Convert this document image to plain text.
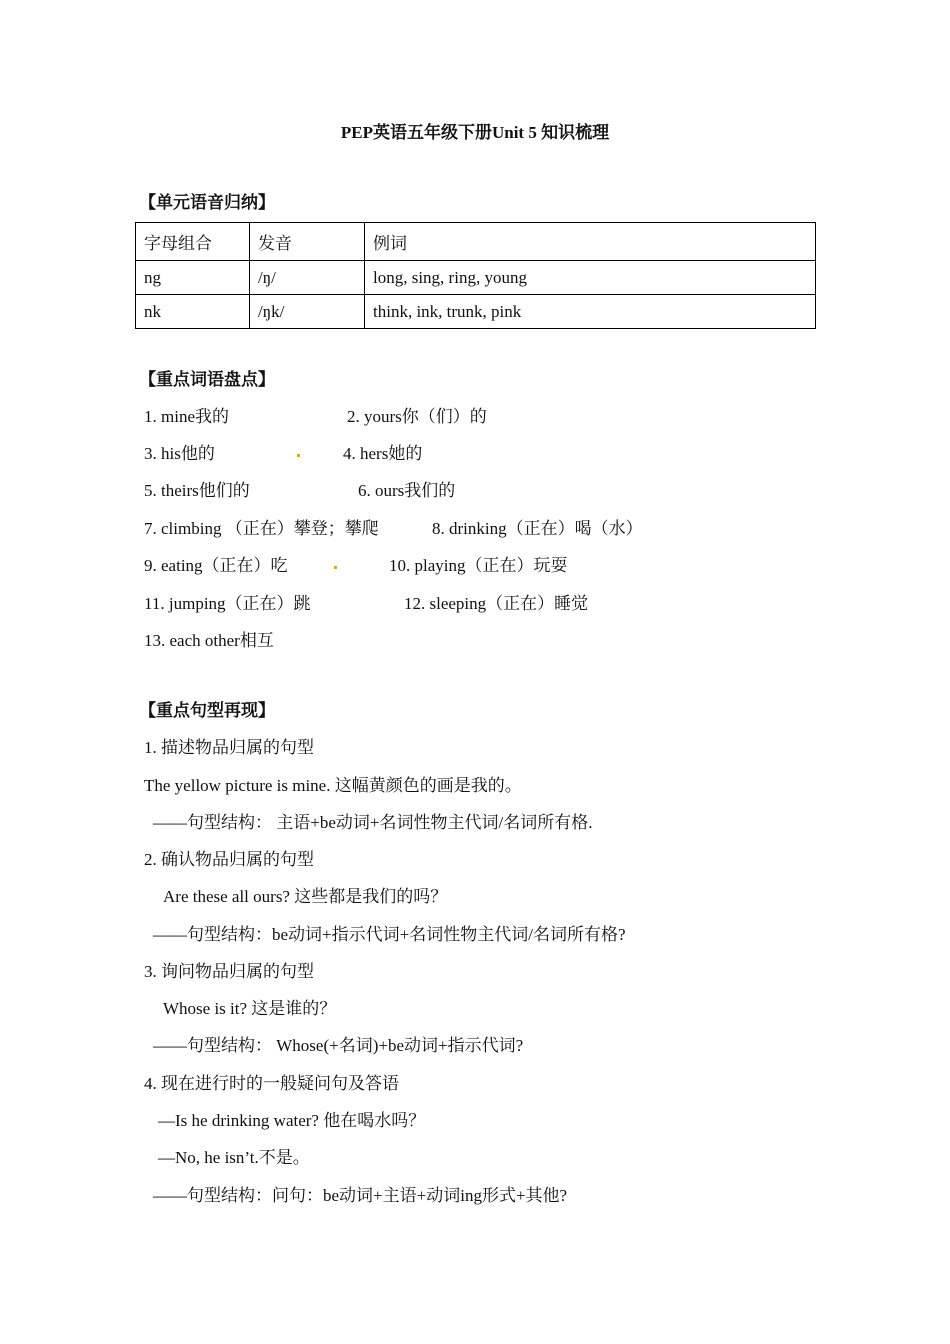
PEP英语五年级下册Unit 5 知识梳理
【单元语音归纳】
字母组合	发音	例词
ng	/ŋ/	long, sing, ring, young
nk	/ŋk/	think, ink, trunk, pink
【重点词语盘点】
1. mine我的	2. yours你（们）的
3. his他的	4. hers她的
5. theirs他们的	6. ours我们的
7. climbing （正在）攀登；攀爬	8. drinking（正在）喝（水）
9. eating（正在）吃	10. playing（正在）玩耍
11. jumping（正在）跳	12. sleeping（正在）睡觉
13. each other相互
【重点句型再现】
1. 描述物品归属的句型
The yellow picture is mine. 这幅黄颜色的画是我的。
——句型结构： 主语+be动词+名词性物主代词/名词所有格.
2. 确认物品归属的句型
Are these all ours? 这些都是我们的吗？
——句型结构：be动词+指示代词+名词性物主代词/名词所有格?
3. 询问物品归属的句型
Whose is it? 这是谁的？
——句型结构： Whose(+名词)+be动词+指示代词?
4. 现在进行时的一般疑问句及答语
—Is he drinking water? 他在喝水吗？
—No, he isn’t.不是。
——句型结构：问句：be动词+主语+动词ing形式+其他?
